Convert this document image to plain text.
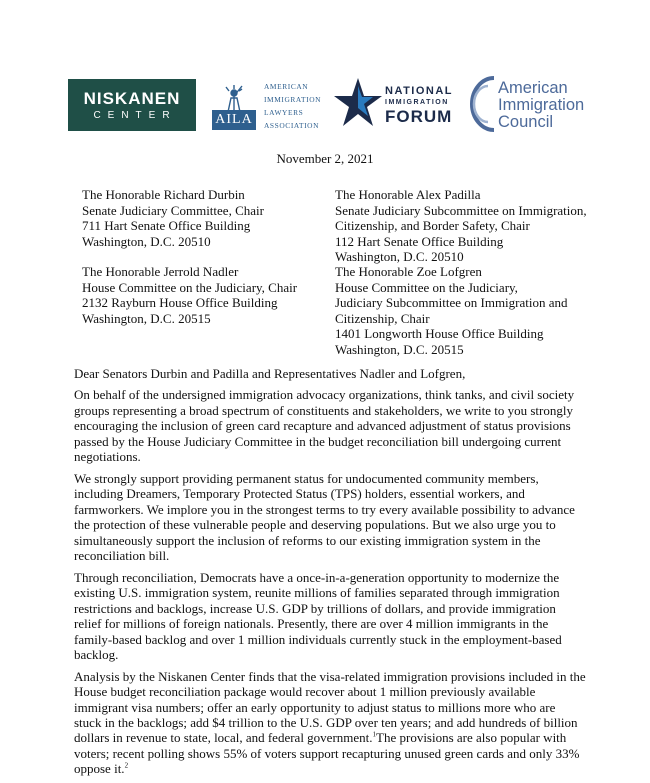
NISKANEN
CENTER	AILA
AMERICAN
IMMIGRATION
LAWYERS
ASSOCIATION
NATIONAL
IMMIGRATION
FORUM
American
Immigration
Council
November 2, 2021
The Honorable Richard Durbin
Senate Judiciary Committee, Chair
711 Hart Senate Office Building
Washington, D.C. 20510
The Honorable Alex Padilla
Senate Judiciary Subcommittee on Immigration,
Citizenship, and Border Safety, Chair
112 Hart Senate Office Building
Washington, D.C. 20510
The Honorable Jerrold Nadler
House Committee on the Judiciary, Chair
2132 Rayburn House Office Building
Washington, D.C. 20515
The Honorable Zoe Lofgren
House Committee on the Judiciary,
Judiciary Subcommittee on Immigration and
Citizenship, Chair
1401 Longworth House Office Building
Washington, D.C. 20515

Dear Senators Durbin and Padilla and Representatives Nadler and Lofgren,

On behalf of the undersigned immigration advocacy organizations, think tanks, and civil society groups representing a broad spectrum of constituents and stakeholders, we write to you strongly encouraging the inclusion of green card recapture and advanced adjustment of status provisions passed by the House Judiciary Committee in the budget reconciliation bill undergoing current negotiations.

We strongly support providing permanent status for undocumented community members, including Dreamers, Temporary Protected Status (TPS) holders, essential workers, and farmworkers. We implore you in the strongest terms to try every available possibility to advance the protection of these vulnerable people and deserving populations. But we also urge you to simultaneously support the inclusion of reforms to our existing immigration system in the reconciliation bill.

Through reconciliation, Democrats have a once-in-a-generation opportunity to modernize the existing U.S. immigration system, reunite millions of families separated through immigration restrictions and backlogs, increase U.S. GDP by trillions of dollars, and provide immigration relief for millions of foreign nationals. Presently, there are over 4 million immigrants in the family-based backlog and over 1 million individuals currently stuck in the employment-based backlog.

Analysis by the Niskanen Center finds that the visa-related immigration provisions included in the House budget reconciliation package would recover about 1 million previously available immigrant visa numbers; offer an early opportunity to adjust status to millions more who are stuck in the backlogs; add $4 trillion to the U.S. GDP over ten years; and add hundreds of billion dollars in revenue to state, local, and federal government.$^1$The provisions are also popular with voters; recent polling shows 55% of voters support recapturing unused green cards and only 33% oppose it.$^2$
